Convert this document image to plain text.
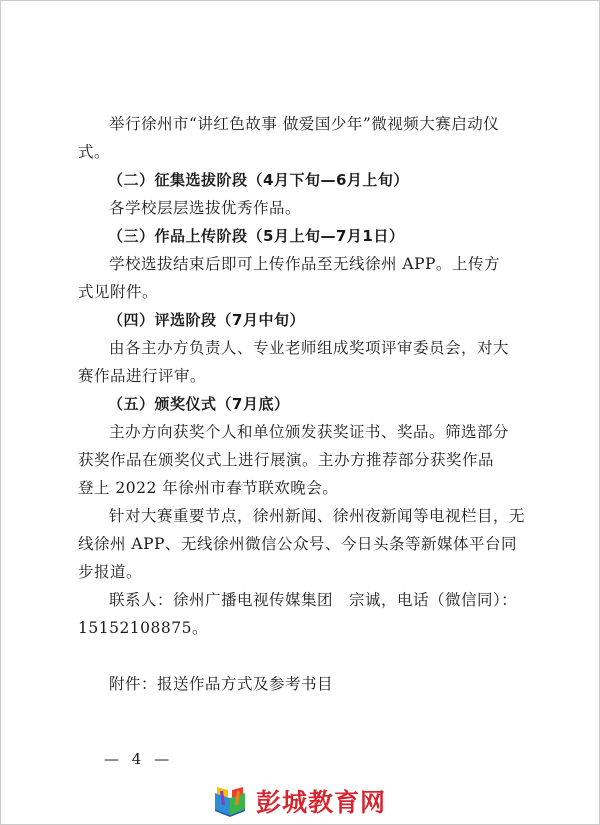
举行徐州市“讲红色故事 做爱国少年”微视频大赛启动仪
式。
（二）征集选拔阶段（4月下旬—6月上旬）
各学校层层选拔优秀作品。
（三）作品上传阶段（5月上旬—7月1日）
学校选拔结束后即可上传作品至无线徐州 APP。上传方
式见附件。
（四）评选阶段（7月中旬）
由各主办方负责人、专业老师组成奖项评审委员会，对大
赛作品进行评审。
（五）颁奖仪式（7月底）
主办方向获奖个人和单位颁发获奖证书、奖品。筛选部分
获奖作品在颁奖仪式上进行展演。主办方推荐部分获奖作品
登上 2022 年徐州市春节联欢晚会。
针对大赛重要节点，徐州新闻、徐州夜新闻等电视栏目，无
线徐州 APP、无线徐州微信公众号、今日头条等新媒体平台同
步报道。
联系人：徐州广播电视传媒集团　宗诚，电话（微信同）：
15152108875。
附件：报送作品方式及参考书目
— 4 —
彭城教育网
